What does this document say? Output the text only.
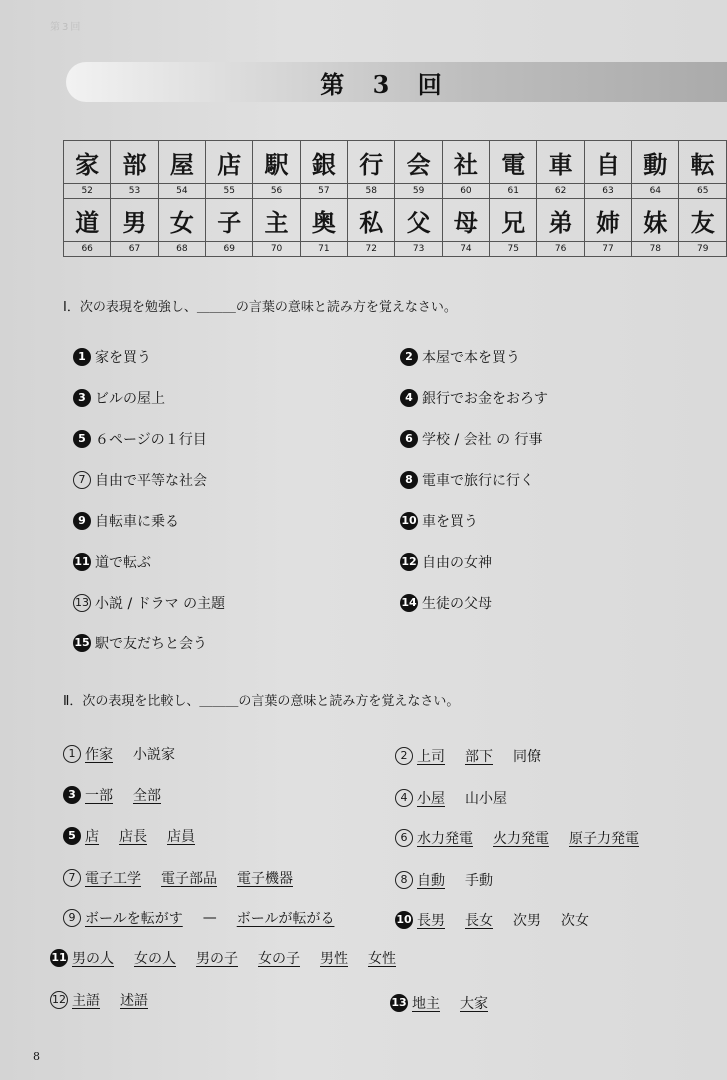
第3回
第 3 回
家	部	屋	店	駅	銀	行	会	社	電	車	自	動	転
52	53	54	55	56	57	58	59	60	61	62	63	64	65
道	男	女	子	主	奥	私	父	母	兄	弟	姉	妹	友
66	67	68	69	70	71	72	73	74	75	76	77	78	79
Ⅰ．次の表現を勉強し、＿＿＿の言葉の意味と読み方を覚えなさい。
1 家を買う	2 本屋で本を買う
3 ビルの屋上	4 銀行でお金をおろす
5 ６ページの１行目	6 学校 / 会社 の 行事
7 自由で平等な社会	8 電車で旅行に行く
9 自転車に乗る	10 車を買う
11 道で転ぶ	12 自由の女神
13 小説 / ドラマ の主題	14 生徒の父母
15 駅で友だちと会う
Ⅱ．次の表現を比較し、＿＿＿の言葉の意味と読み方を覚えなさい。
1 作家 小説家	2 上司 部下 同僚
3 一部 全部	4 小屋 山小屋
5 店 店長 店員	6 水力発電 火力発電 原子力発電
7 電子工学 電子部品 電子機器	8 自動 手動
9 ボールを転がす — ボールが転がる	10 長男 長女 次男 次女
11 男の人 女の人 男の子 女の子 男性 女性
12 主語 述語	13 地主 大家
8
